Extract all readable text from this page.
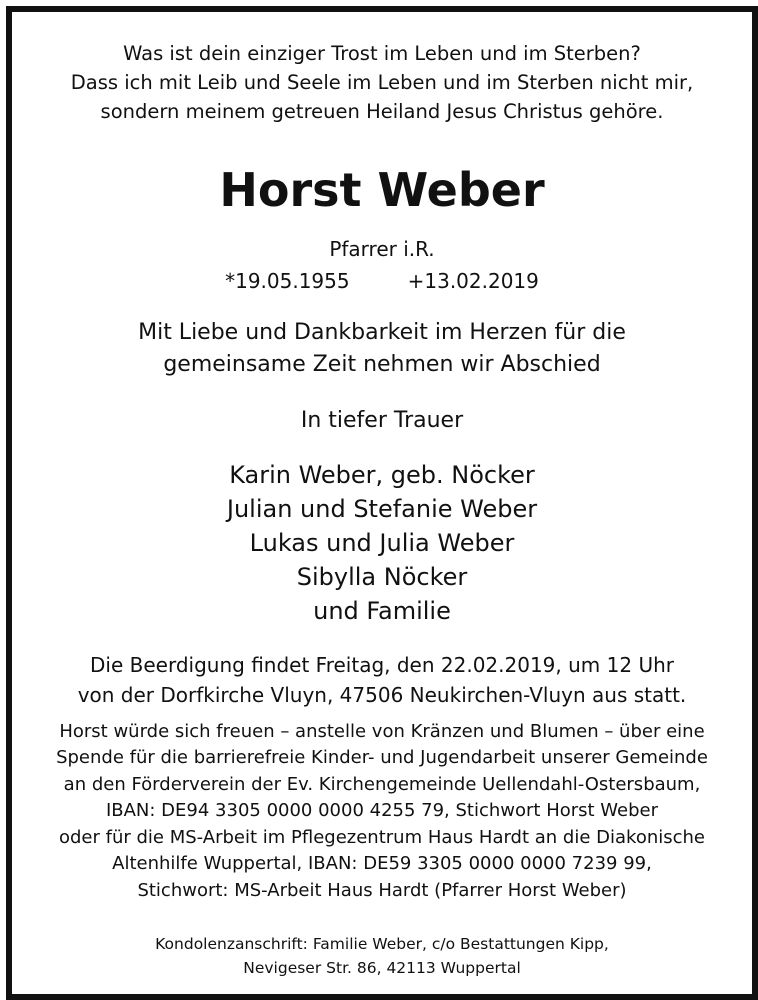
Was ist dein einziger Trost im Leben und im Sterben?
Dass ich mit Leib und Seele im Leben und im Sterben nicht mir,
sondern meinem getreuen Heiland Jesus Christus gehöre.
Horst Weber
Pfarrer i.R.
*19.05.1955	+13.02.2019
Mit Liebe und Dankbarkeit im Herzen für die
gemeinsame Zeit nehmen wir Abschied
In tiefer Trauer
Karin Weber, geb. Nöcker
Julian und Stefanie Weber
Lukas und Julia Weber
Sibylla Nöcker
und Familie
Die Beerdigung findet Freitag, den 22.02.2019, um 12 Uhr
von der Dorfkirche Vluyn, 47506 Neukirchen-Vluyn aus statt.
Horst würde sich freuen – anstelle von Kränzen und Blumen – über eine
Spende für die barrierefreie Kinder- und Jugendarbeit unserer Gemeinde
an den Förderverein der Ev. Kirchengemeinde Uellendahl-Ostersbaum,
IBAN: DE94 3305 0000 0000 4255 79, Stichwort Horst Weber
oder für die MS-Arbeit im Pflegezentrum Haus Hardt an die Diakonische
Altenhilfe Wuppertal, IBAN: DE59 3305 0000 0000 7239 99,
Stichwort: MS-Arbeit Haus Hardt (Pfarrer Horst Weber)
Kondolenzanschrift: Familie Weber, c/o Bestattungen Kipp,
Nevigeser Str. 86, 42113 Wuppertal
